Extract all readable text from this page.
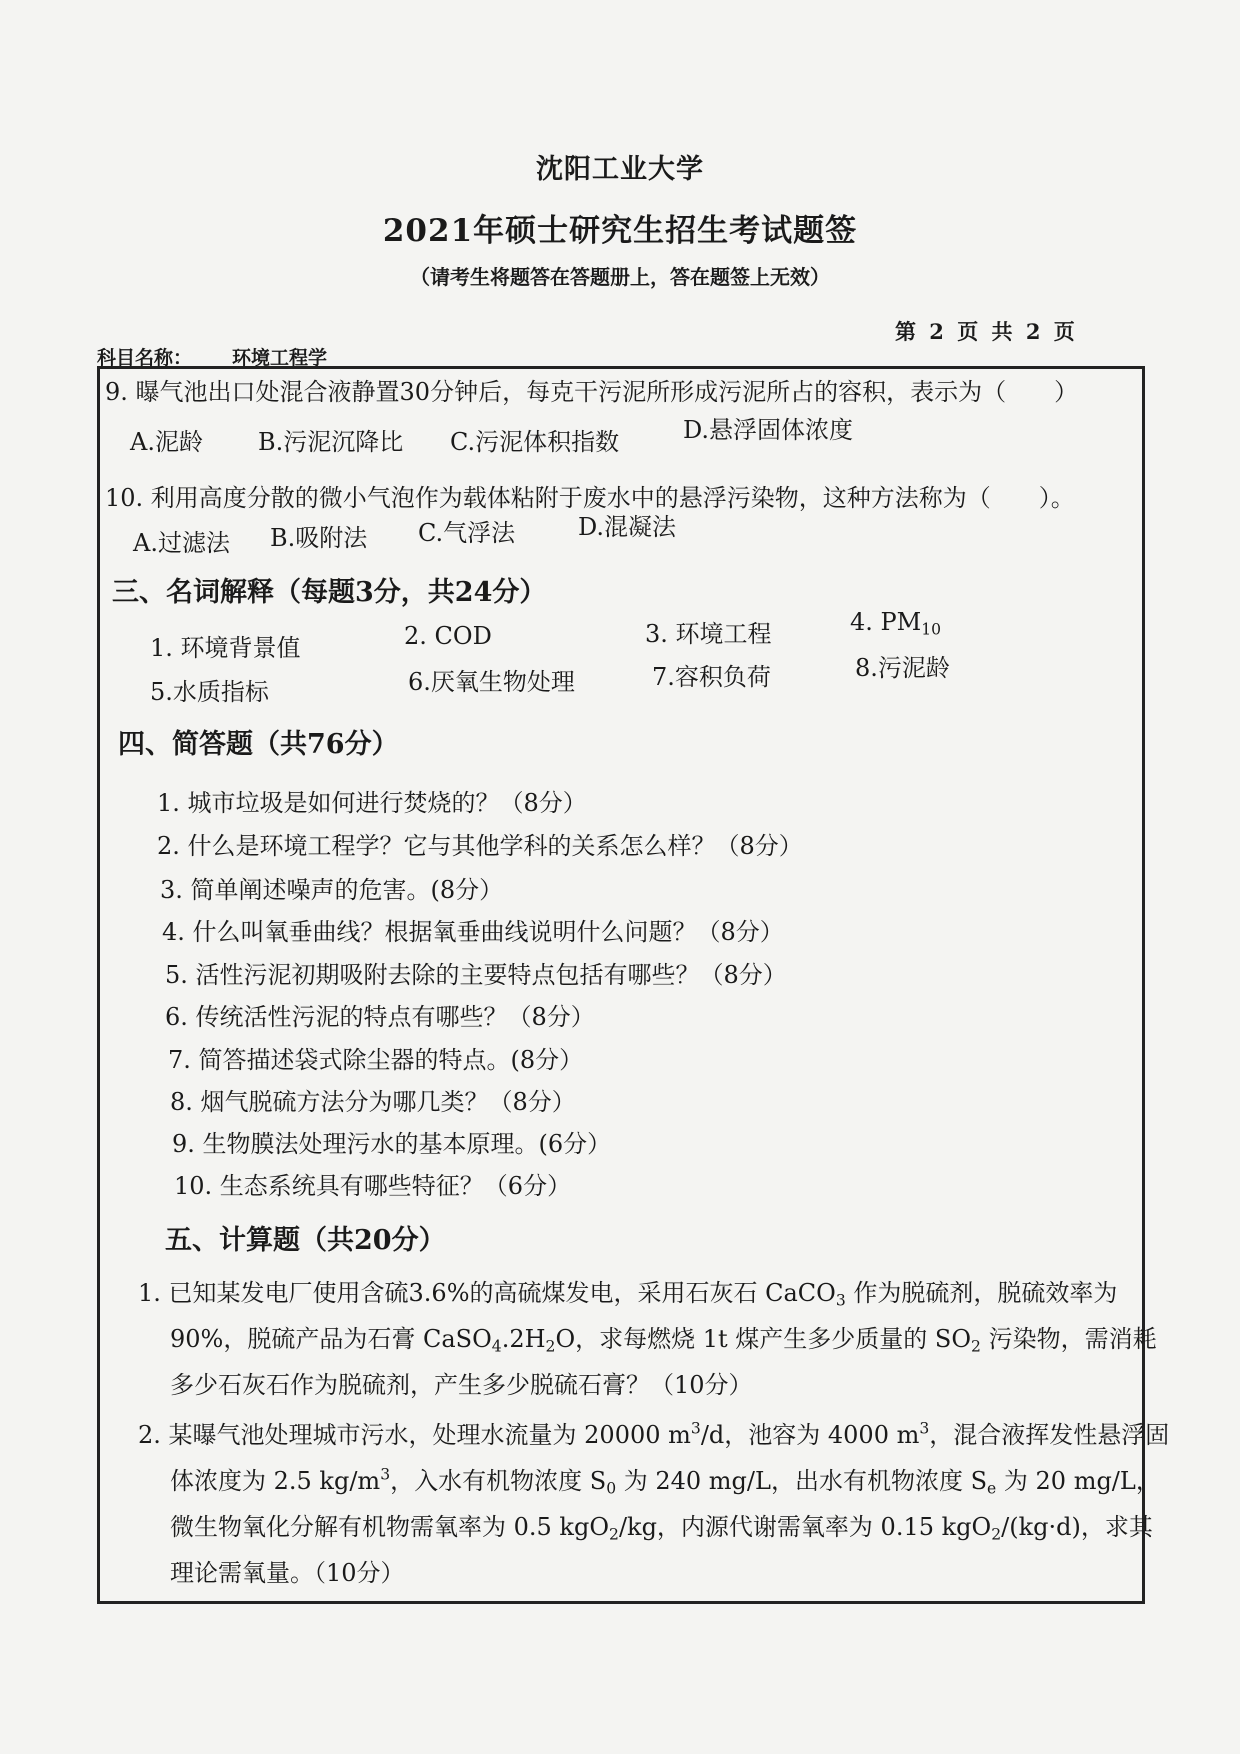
沈阳工业大学
2021年硕士研究生招生考试题签
（请考生将题答在答题册上，答在题签上无效）
第 2 页 共 2 页
科目名称： 环境工程学
9. 曝气池出口处混合液静置30分钟后，每克干污泥所形成污泥所占的容积，表示为（　　）
A.泥龄 B.污泥沉降比 C.污泥体积指数	D.悬浮固体浓度
10. 利用高度分散的微小气泡作为载体粘附于废水中的悬浮污染物，这种方法称为（　　）。
A.过滤法 B.吸附法 C.气浮法	D.混凝法
三、名词解释（每题3分，共24分）
1. 环境背景值	2. COD	3. 环境工程	4. $PM_{10}$
5.水质指标	6.厌氧生物处理	7.容积负荷	8.污泥龄
四、简答题（共76分）
1. 城市垃圾是如何进行焚烧的？（8分）
2. 什么是环境工程学？它与其他学科的关系怎么样？（8分）
3. 简单阐述噪声的危害。(8分）
4. 什么叫氧垂曲线？根据氧垂曲线说明什么问题？（8分）
5. 活性污泥初期吸附去除的主要特点包括有哪些？（8分）
6. 传统活性污泥的特点有哪些？（8分）
7. 简答描述袋式除尘器的特点。(8分）
8. 烟气脱硫方法分为哪几类？（8分）
9. 生物膜法处理污水的基本原理。(6分）
10. 生态系统具有哪些特征？（6分）
五、计算题（共20分）
1. 已知某发电厂使用含硫3.6%的高硫煤发电，采用石灰石 CaCO$_3$ 作为脱硫剂，脱硫效率为90%，脱硫产品为石膏 $CaSO_4.2H_2O$，求每燃烧 1t 煤产生多少质量的 $SO_2$ 污染物，需消耗多少石灰石作为脱硫剂，产生多少脱硫石膏？（10分）
2. 某曝气池处理城市污水，处理水流量为 20000 $m^3/d$，池容为 4000 $m^3$，混合液挥发性悬浮固体浓度为 2.5 $kg/m^3$，入水有机物浓度 $S_0$ 为 240 mg/L，出水有机物浓度 $S_e$ 为 20 mg/L，微生物氧化分解有机物需氧率为 0.5 kgO$_2$/kg，内源代谢需氧率为 0.15 kgO$_2$/(kg·d)，求其理论需氧量。（10分）
